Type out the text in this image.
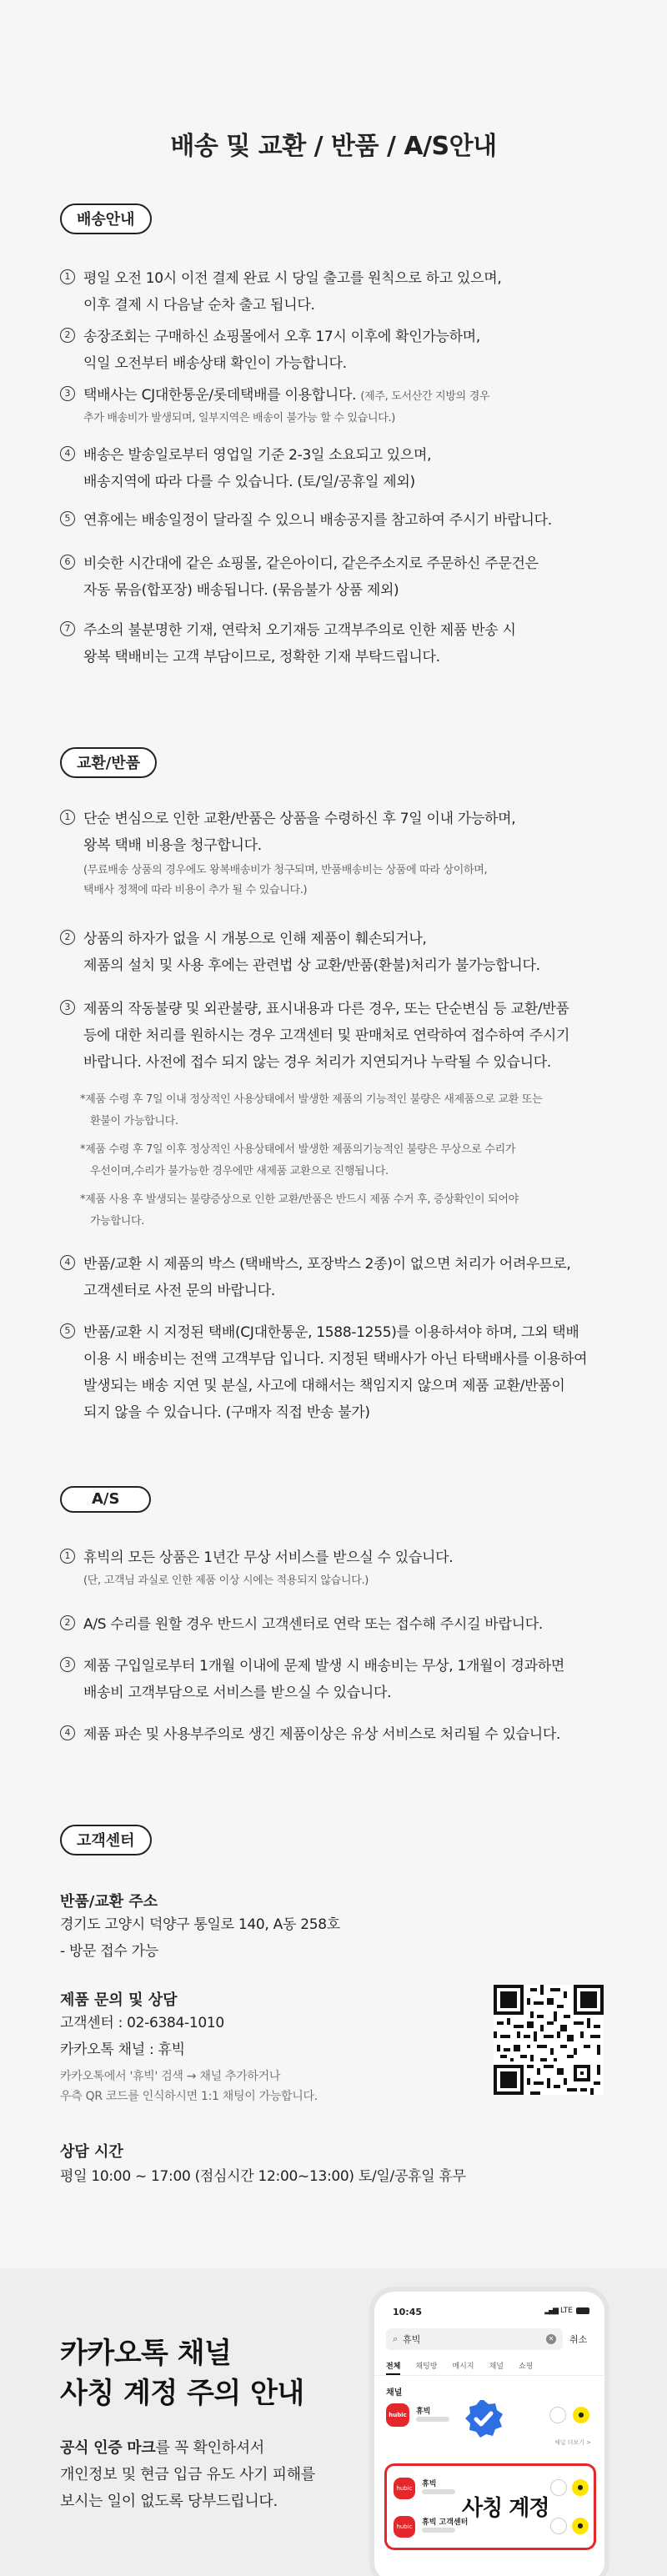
배송 및 교환 / 반품 / A/S안내
배송안내
1 평일 오전 10시 이전 결제 완료 시 당일 출고를 원칙으로 하고 있으며,
이후 결제 시 다음날 순차 출고 됩니다.
2 송장조회는 구매하신 쇼핑몰에서 오후 17시 이후에 확인가능하며,
익일 오전부터 배송상태 확인이 가능합니다.
3 택배사는 CJ대한통운/롯데택배를 이용합니다. (제주, 도서산간 지방의 경우
추가 배송비가 발생되며, 일부지역은 배송이 불가능 할 수 있습니다.)
4 배송은 발송일로부터 영업일 기준 2-3일 소요되고 있으며,
배송지역에 따라 다를 수 있습니다. (토/일/공휴일 제외)
5 연휴에는 배송일정이 달라질 수 있으니 배송공지를 참고하여 주시기 바랍니다.
6 비슷한 시간대에 같은 쇼핑몰, 같은아이디, 같은주소지로 주문하신 주문건은
자동 묶음(합포장) 배송됩니다. (묶음불가 상품 제외)
7 주소의 불분명한 기재, 연락처 오기재등 고객부주의로 인한 제품 반송 시
왕복 택배비는 고객 부담이므로, 정확한 기재 부탁드립니다.
교환/반품
1 단순 변심으로 인한 교환/반품은 상품을 수령하신 후 7일 이내 가능하며,
왕복 택배 비용을 청구합니다.
(무료배송 상품의 경우에도 왕복배송비가 청구되며, 반품배송비는 상품에 따라 상이하며,
택배사 정책에 따라 비용이 추가 될 수 있습니다.)
2 상품의 하자가 없을 시 개봉으로 인해 제품이 훼손되거나,
제품의 설치 및 사용 후에는 관련법 상 교환/반품(환불)처리가 불가능합니다.
3 제품의 작동불량 및 외관불량, 표시내용과 다른 경우, 또는 단순변심 등 교환/반품
등에 대한 처리를 원하시는 경우 고객센터 및 판매처로 연락하여 접수하여 주시기
바랍니다. 사전에 접수 되지 않는 경우 처리가 지연되거나 누락될 수 있습니다.
*제품 수령 후 7일 이내 정상적인 사용상태에서 발생한 제품의 기능적인 불량은 새제품으로 교환 또는
환불이 가능합니다.
*제품 수령 후 7일 이후 정상적인 사용상태에서 발생한 제품의기능적인 불량은 무상으로 수리가
우선이며,수리가 불가능한 경우에만 새제품 교환으로 진행됩니다.
*제품 사용 후 발생되는 불량증상으로 인한 교환/반품은 반드시 제품 수거 후, 증상확인이 되어야
가능합니다.
4 반품/교환 시 제품의 박스 (택배박스, 포장박스 2종)이 없으면 처리가 어려우므로,
고객센터로 사전 문의 바랍니다.
5 반품/교환 시 지정된 택배(CJ대한통운, 1588-1255)를 이용하셔야 하며, 그외 택배
이용 시 배송비는 전액 고객부담 입니다. 지정된 택배사가 아닌 타택배사를 이용하여
발생되는 배송 지연 및 분실, 사고에 대해서는 책임지지 않으며 제품 교환/반품이
되지 않을 수 있습니다. (구매자 직접 반송 불가)
A/S
1 휴빅의 모든 상품은 1년간 무상 서비스를 받으실 수 있습니다.
(단, 고객님 과실로 인한 제품 이상 시에는 적용되지 않습니다.)
2 A/S 수리를 원할 경우 반드시 고객센터로 연락 또는 접수해 주시길 바랍니다.
3 제품 구입일로부터 1개월 이내에 문제 발생 시 배송비는 무상, 1개월이 경과하면
배송비 고객부담으로 서비스를 받으실 수 있습니다.
4 제품 파손 및 사용부주의로 생긴 제품이상은 유상 서비스로 처리될 수 있습니다.
고객센터
반품/교환 주소
경기도 고양시 덕양구 통일로 140, A동 258호
- 방문 접수 가능
제품 문의 및 상담
고객센터 : 02-6384-1010
카카오톡 채널 : 휴빅
카카오톡에서 '휴빅' 검색 → 채널 추가하거나
우측 QR 코드를 인식하시면 1:1 채팅이 가능합니다.
상담 시간
평일 10:00 ~ 17:00 (점심시간 12:00~13:00) 토/일/공휴일 휴무
카카오톡 채널
사칭 계정 주의 안내
공식 인증 마크를 꼭 확인하셔서
개인정보 및 현금 입금 유도 사기 피해를
보시는 일이 없도록 당부드립니다.
10:45	▂▄▆ LTE
⌕ 휴빅	✕ 취소
전체 채팅방 메시지 채널 쇼핑
채널
hubic	휴빅	●
채널 더보기 >
hubic	휴빅
hubic	휴빅 고객센터
사칭 계정
●
●
